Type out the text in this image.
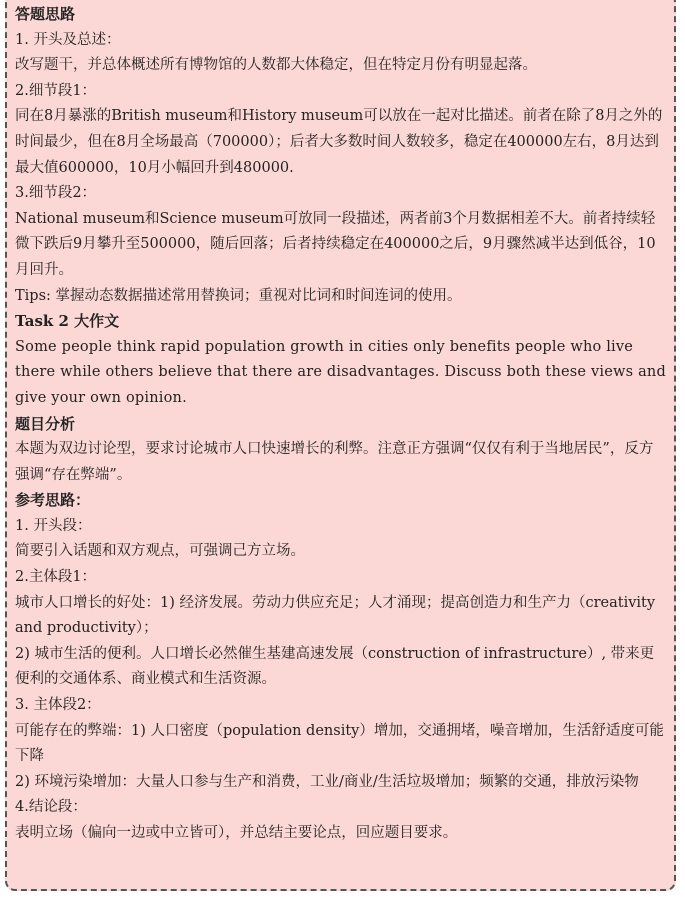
答题思路
1. 开头及总述：
改写题干，并总体概述所有博物馆的人数都大体稳定，但在特定月份有明显起落。
2.细节段1：
同在8月暴涨的British museum和History museum可以放在一起对比描述。前者在除了8月之外的时间最少，但在8月全场最高（700000）；后者大多数时间人数较多，稳定在400000左右，8月达到最大值600000，10月小幅回升到480000.
3.细节段2：
National museum和Science museum可放同一段描述，两者前3个月数据相差不大。前者持续轻微下跌后9月攀升至500000，随后回落；后者持续稳定在400000之后，9月骤然减半达到低谷，10月回升。
Tips: 掌握动态数据描述常用替换词；重视对比词和时间连词的使用。
Task 2 大作文
Some people think rapid population growth in cities only benefits people who live there while others believe that there are disadvantages. Discuss both these views and give your own opinion.
题目分析
本题为双边讨论型，要求讨论城市人口快速增长的利弊。注意正方强调“仅仅有利于当地居民”，反方强调“存在弊端”。
参考思路：
1. 开头段：
简要引入话题和双方观点，可强调己方立场。
2.主体段1：
城市人口增长的好处：1) 经济发展。劳动力供应充足；人才涌现；提高创造力和生产力（creativity and productivity）；
2) 城市生活的便利。人口增长必然催生基建高速发展（construction of infrastructure）, 带来更便利的交通体系、商业模式和生活资源。
3. 主体段2：
可能存在的弊端：1) 人口密度（population density）增加，交通拥堵，噪音增加，生活舒适度可能下降
2) 环境污染增加：大量人口参与生产和消费，工业/商业/生活垃圾增加；频繁的交通，排放污染物
4.结论段：
表明立场（偏向一边或中立皆可），并总结主要论点，回应题目要求。
